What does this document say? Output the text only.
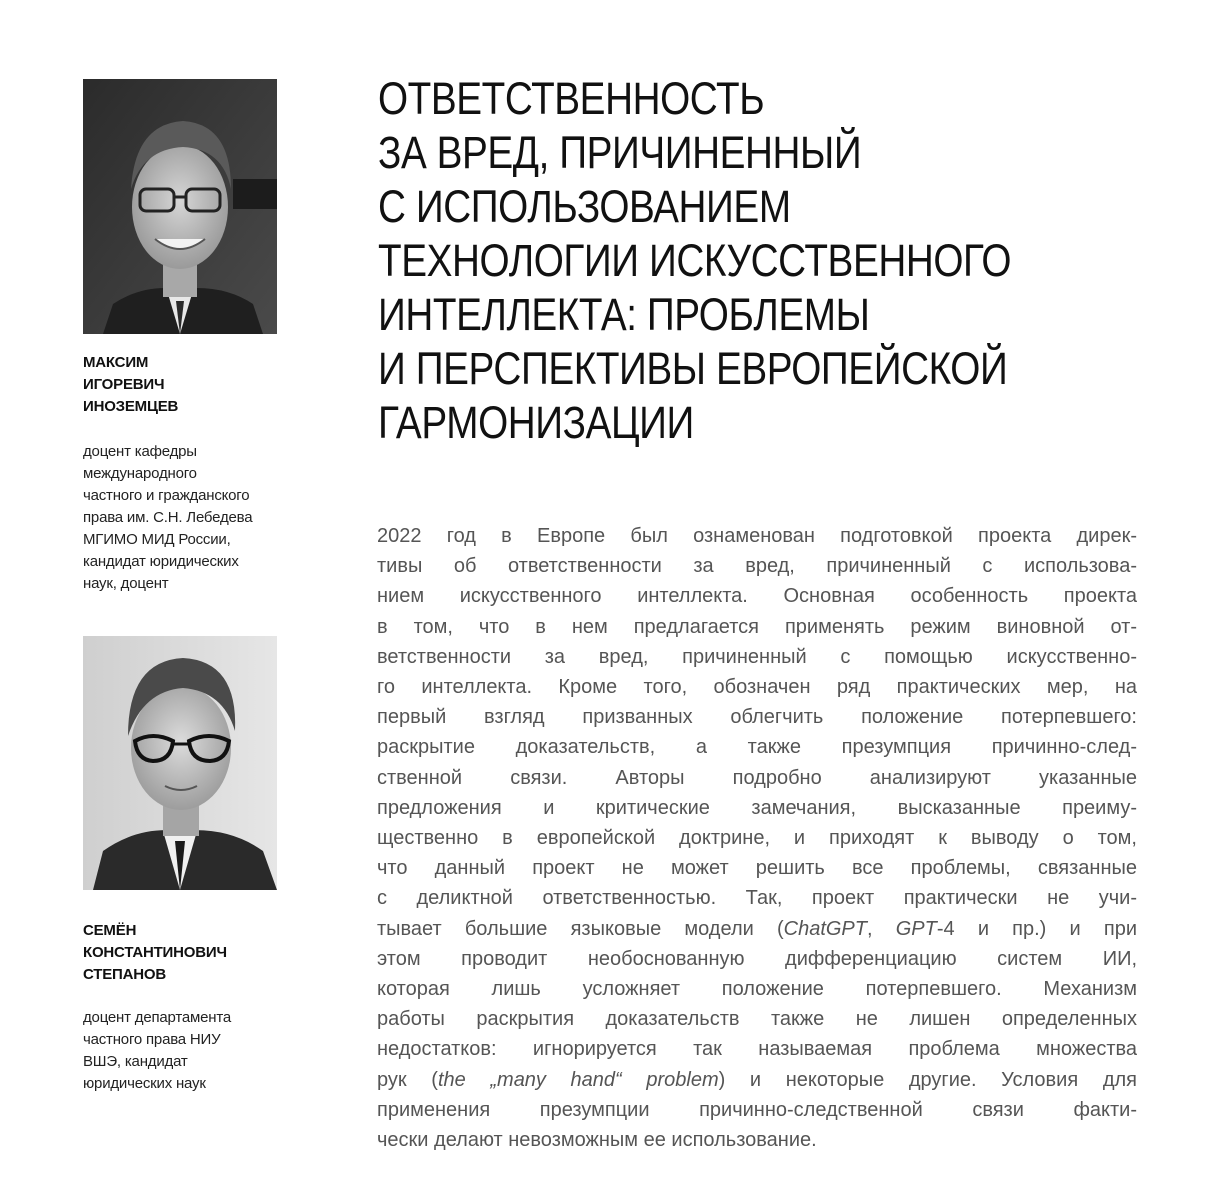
МАКСИМ
ИГОРЕВИЧ
ИНОЗЕМЦЕВ
доцент кафедры
международного
частного и гражданского
права им. С.Н. Лебедева
МГИМО МИД России,
кандидат юридических
наук, доцент
СЕМЁН
КОНСТАНТИНОВИЧ
СТЕПАНОВ
доцент департамента
частного права НИУ
ВШЭ, кандидат
юридических наук
ОТВЕТСТВЕННОСТЬ
ЗА ВРЕД, ПРИЧИНЕННЫЙ
С ИСПОЛЬЗОВАНИЕМ
ТЕХНОЛОГИИ ИСКУССТВЕННОГО
ИНТЕЛЛЕКТА: ПРОБЛЕМЫ
И ПЕРСПЕКТИВЫ ЕВРОПЕЙСКОЙ
ГАРМОНИЗАЦИИ
2022 год в Европе был ознаменован подготовкой проекта дирек-
тивы об ответственности за вред, причиненный с использова-
нием искусственного интеллекта. Основная особенность проекта
в том, что в нем предлагается применять режим виновной от-
ветственности за вред, причиненный с помощью искусственно-
го интеллекта. Кроме того, обозначен ряд практических мер, на
первый взгляд призванных облегчить положение потерпевшего:
раскрытие доказательств, а также презумпция причинно-след-
ственной связи. Авторы подробно анализируют указанные
предложения и критические замечания, высказанные преиму-
щественно в европейской доктрине, и приходят к выводу о том,
что данный проект не может решить все проблемы, связанные
с деликтной ответственностью. Так, проект практически не учи-
тывает большие языковые модели (ChatGPT, GPT-4 и пр.) и при
этом проводит необоснованную дифференциацию систем ИИ,
которая лишь усложняет положение потерпевшего. Механизм
работы раскрытия доказательств также не лишен определенных
недостатков: игнорируется так называемая проблема множества
рук (the „many hand“ problem) и некоторые другие. Условия для
применения презумпции причинно-следственной связи факти-
чески делают невозможным ее использование.
